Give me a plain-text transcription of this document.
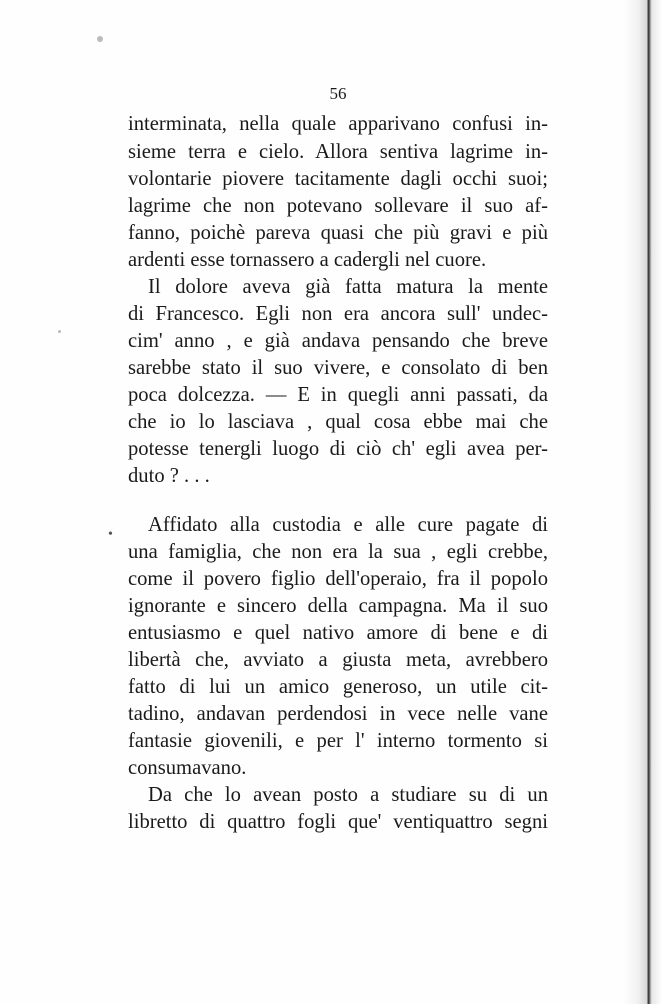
56
interminata, nella quale apparivano confusi in-
sieme terra e cielo. Allora sentiva lagrime in-
volontarie piovere tacitamente dagli occhi suoi;
lagrime che non potevano sollevare il suo af-
fanno, poichè pareva quasi che più gravi e più
ardenti esse tornassero a cadergli nel cuore.
Il dolore aveva già fatta matura la mente
di Francesco. Egli non era ancora sull' undec-
cim' anno , e già andava pensando che breve
sarebbe stato il suo vivere, e consolato di ben
poca dolcezza. — E in quegli anni passati, da
che io lo lasciava , qual cosa ebbe mai che
potesse tenergli luogo di ciò ch' egli avea per-
duto ? . . .
• Affidato alla custodia e alle cure pagate di
una famiglia, che non era la sua , egli crebbe,
come il povero figlio dell'operaio, fra il popolo
ignorante e sincero della campagna. Ma il suo
entusiasmo e quel nativo amore di bene e di
libertà che, avviato a giusta meta, avrebbero
fatto di lui un amico generoso, un utile cit-
tadino, andavan perdendosi in vece nelle vane
fantasie giovenili, e per l' interno tormento si
consumavano.
Da che lo avean posto a studiare su di un
libretto di quattro fogli que' ventiquattro segni
